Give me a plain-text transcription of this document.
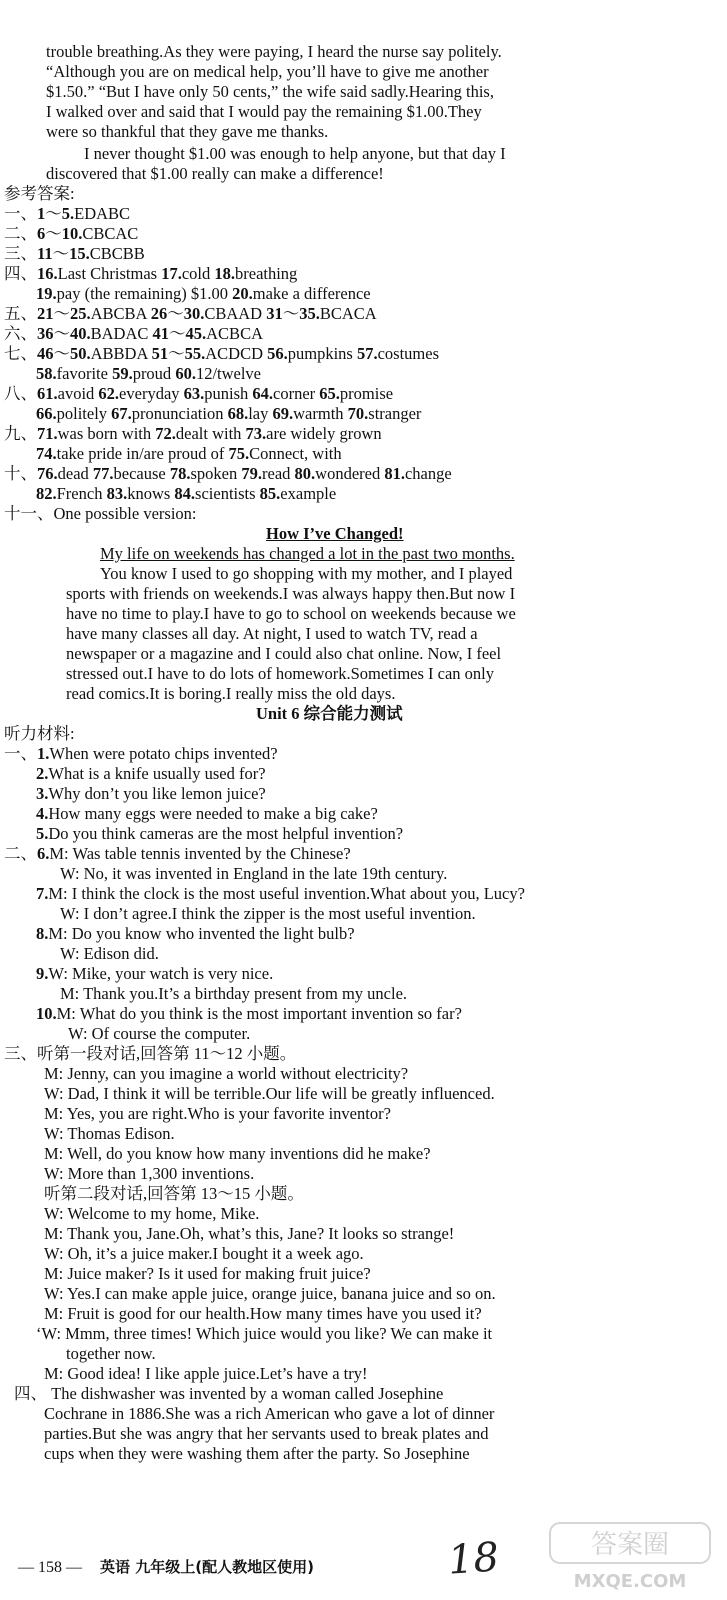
trouble breathing.As they were paying, I heard the nurse say politely.
“Although you are on medical help, you’ll have to give me another
$1.50.” “But I have only 50 cents,” the wife said sadly.Hearing this,
I walked over and said that I would pay the remaining $1.00.They
were so thankful that they gave me thanks.
I never thought $1.00 was enough to help anyone, but that day I
discovered that $1.00 really can make a difference!
参考答案:
一、1～5.EDABC
二、6～10.CBCAC
三、11～15.CBCBB
四、16.Last Christmas 17.cold 18.breathing
19.pay (the remaining) $1.00 20.make a difference
五、21～25.ABCBA 26～30.CBAAD 31～35.BCACA
六、36～40.BADAC 41～45.ACBCA
七、46～50.ABBDA 51～55.ACDCD 56.pumpkins 57.costumes
58.favorite 59.proud 60.12/twelve
八、61.avoid 62.everyday 63.punish 64.corner 65.promise
66.politely 67.pronunciation 68.lay 69.warmth 70.stranger
九、71.was born with 72.dealt with 73.are widely grown
74.take pride in/are proud of 75.Connect, with
十、76.dead 77.because 78.spoken 79.read 80.wondered 81.change
82.French 83.knows 84.scientists 85.example
十一、One possible version:
How I’ve Changed!
My life on weekends has changed a lot in the past two months.
You know I used to go shopping with my mother, and I played
sports with friends on weekends.I was always happy then.But now I
have no time to play.I have to go to school on weekends because we
have many classes all day. At night, I used to watch TV, read a
newspaper or a magazine and I could also chat online. Now, I feel
stressed out.I have to do lots of homework.Sometimes I can only
read comics.It is boring.I really miss the old days.
Unit 6 综合能力测试
听力材料:
一、1.When were potato chips invented?
2.What is a knife usually used for?
3.Why don’t you like lemon juice?
4.How many eggs were needed to make a big cake?
5.Do you think cameras are the most helpful invention?
二、6.M: Was table tennis invented by the Chinese?
W: No, it was invented in England in the late 19th century.
7.M: I think the clock is the most useful invention.What about you, Lucy?
W: I don’t agree.I think the zipper is the most useful invention.
8.M: Do you know who invented the light bulb?
W: Edison did.
9.W: Mike, your watch is very nice.
M: Thank you.It’s a birthday present from my uncle.
10.M: What do you think is the most important invention so far?
W: Of course the computer.
三、听第一段对话,回答第 11～12 小题。
M: Jenny, can you imagine a world without electricity?
W: Dad, I think it will be terrible.Our life will be greatly influenced.
M: Yes, you are right.Who is your favorite inventor?
W: Thomas Edison.
M: Well, do you know how many inventions did he make?
W: More than 1,300 inventions.
听第二段对话,回答第 13～15 小题。
W: Welcome to my home, Mike.
M: Thank you, Jane.Oh, what’s this, Jane? It looks so strange!
W: Oh, it’s a juice maker.I bought it a week ago.
M: Juice maker? Is it used for making fruit juice?
W: Yes.I can make apple juice, orange juice, banana juice and so on.
M: Fruit is good for our health.How many times have you used it?
‘W: Mmm, three times! Which juice would you like? We can make it
together now.
M: Good idea! I like apple juice.Let’s have a try!
四、 The dishwasher was invented by a woman called Josephine
Cochrane in 1886.She was a rich American who gave a lot of dinner
parties.But she was angry that her servants used to break plates and
cups when they were washing them after the party. So Josephine
— 158 — 英语 九年级上(配人教地区使用)	18	答案圈
MXQE.COM
